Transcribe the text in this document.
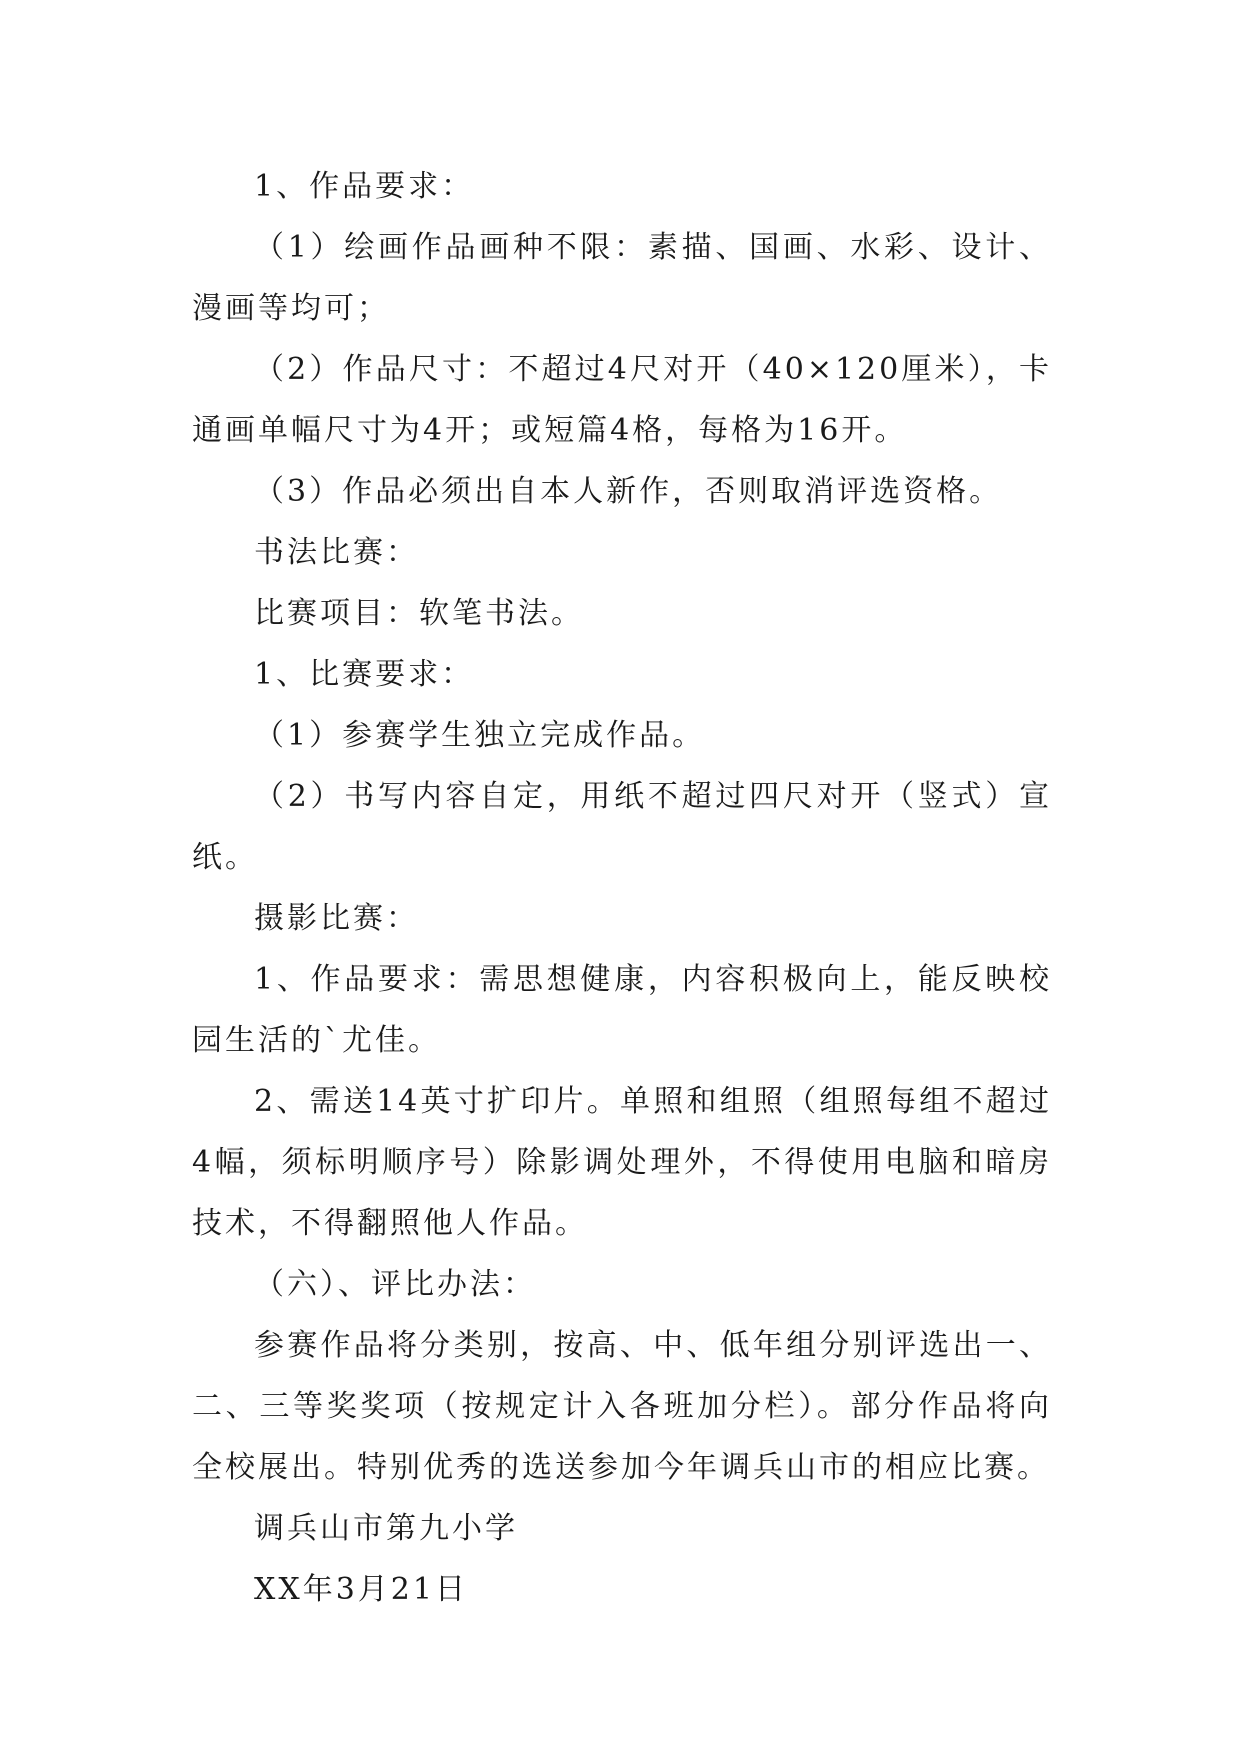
1、作品要求：

（1）绘画作品画种不限：素描、国画、水彩、设计、漫画等均可；

（2）作品尺寸：不超过4尺对开（40×120厘米），卡通画单幅尺寸为4开；或短篇4格，每格为16开。

（3）作品必须出自本人新作，否则取消评选资格。

书法比赛：

比赛项目：软笔书法。

1、比赛要求：

（1）参赛学生独立完成作品。

（2）书写内容自定，用纸不超过四尺对开（竖式）宣纸。

摄影比赛：

1、作品要求：需思想健康，内容积极向上，能反映校园生活的`尤佳。

2、需送14英寸扩印片。单照和组照（组照每组不超过4幅，须标明顺序号）除影调处理外，不得使用电脑和暗房技术，不得翻照他人作品。

（六）、评比办法：

参赛作品将分类别，按高、中、低年组分别评选出一、二、三等奖奖项（按规定计入各班加分栏）。部分作品将向全校展出。特别优秀的选送参加今年调兵山市的相应比赛。

调兵山市第九小学

XX年3月21日
